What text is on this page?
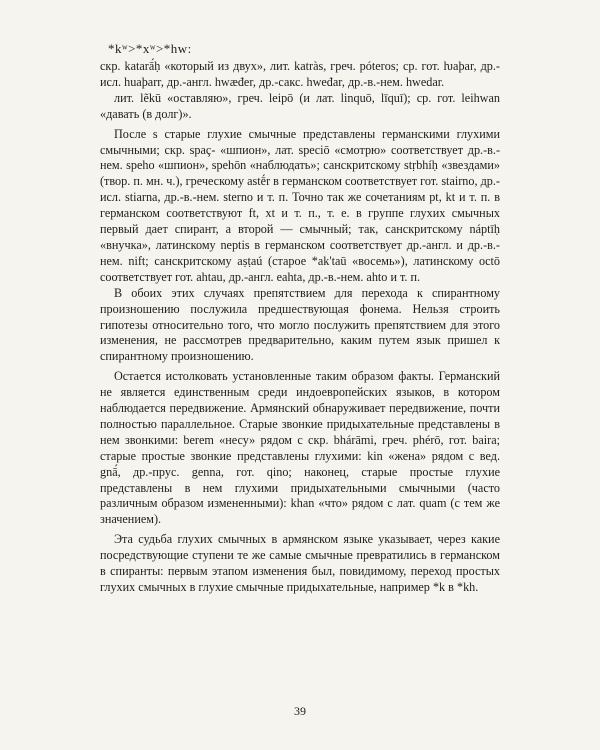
*kʷ>*xʷ>*hw:

скр. katarā́ḥ «который из двух», лит. katràs, греч. póteros; ср. гот. ƕaþar, др.-исл. huaþarr, др.-англ. hwæđer, др.-сакс. hweđar, др.-в.-нем. hwedar.

лит. lẽkū «оставляю», греч. leipō (и лат. linquō, līquī); ср. гот. leihwan «давать (в долг)».

После s старые глухие смычные представлены германскими глухими смычными; скр. spaç- «шпион», лат. speciō «смотрю» соответствует др.-в.-нем. speho «шпион», spehōn «наблюдать»; санскритскому stṛbhíḥ «звездами» (твор. п. мн. ч.), греческому astḗr в германском соответствует гот. stairno, др.-исл. stiarna, др.-в.-нем. sterno и т. п. Точно так же сочетаниям pt, kt и т. п. в германском соответствуют ft, xt и т. п., т. е. в группе глухих смычных первый дает спирант, а второй — смычный; так, санскритскому náptīḥ «внучка», латинскому neptis в германском соответствует др.-англ. и др.-в.-нем. nift; санскритскому aṣṭaú (старое *ak'taū «восемь»), латинскому octō соответствует гот. ahtau, др.-англ. eahta, др.-в.-нем. ahto и т. п.

В обоих этих случаях препятствием для перехода к спирантному произношению послужила предшествующая фонема. Нельзя строить гипотезы относительно того, что могло послужить препятствием для этого изменения, не рассмотрев предварительно, каким путем язык пришел к спирантному произношению.

Остается истолковать установленные таким образом факты. Германский не является единственным среди индоевропейских языков, в котором наблюдается передвижение. Армянский обнаруживает передвижение, почти полностью параллельное. Старые звонкие придыхательные представлены в нем звонкими: berem «несу» рядом с скр. bhárāmi, греч. phérō, гот. baira; старые простые звонкие представлены глухими: kin «жена» рядом с вед. gnā́, др.-прус. genna, гот. qino; наконец, старые простые глухие представлены в нем глухими придыхательными смычными (часто различным образом измененными): khan «что» рядом с лат. quam (с тем же значением).

Эта судьба глухих смычных в армянском языке указывает, через какие посредствующие ступени те же самые смычные превратились в германском в спиранты: первым этапом изменения был, повидимому, переход простых глухих смычных в глухие смычные придыхательные, например *k в *kh.

39
